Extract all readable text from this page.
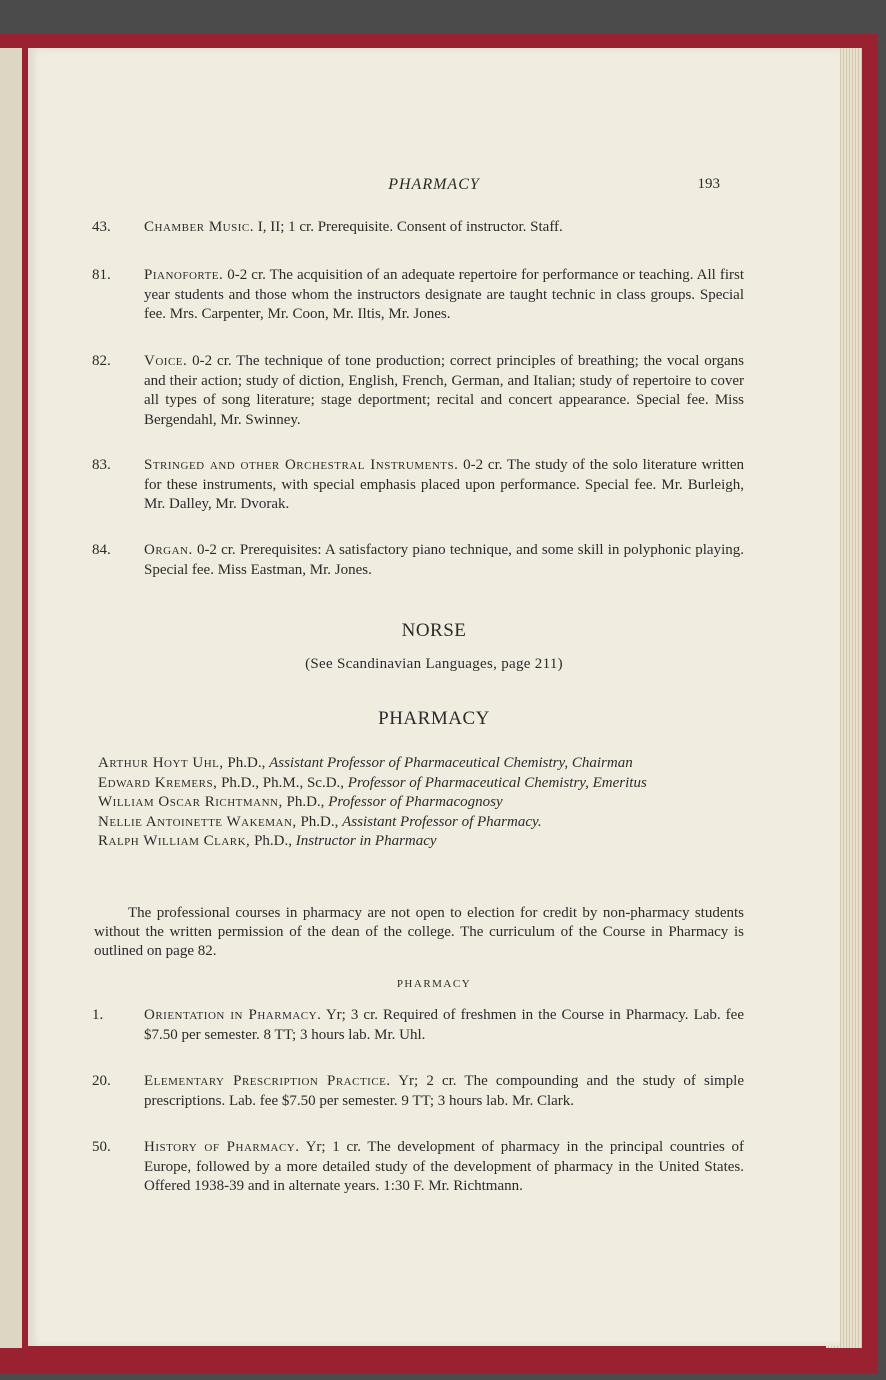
PHARMACY	193
43.	Chamber Music. I, II; 1 cr. Prerequisite. Consent of instructor. Staff.
81.	Pianoforte. 0-2 cr. The acquisition of an adequate repertoire for performance or teaching. All first year students and those whom the instructors designate are taught technic in class groups. Special fee. Mrs. Carpenter, Mr. Coon, Mr. Iltis, Mr. Jones.
82.	Voice. 0-2 cr. The technique of tone production; correct principles of breathing; the vocal organs and their action; study of diction, English, French, German, and Italian; study of repertoire to cover all types of song literature; stage deportment; recital and concert appearance. Special fee. Miss Bergendahl, Mr. Swinney.
83.	Stringed and other Orchestral Instruments. 0-2 cr. The study of the solo literature written for these instruments, with special emphasis placed upon performance. Special fee. Mr. Burleigh, Mr. Dalley, Mr. Dvorak.
84.	Organ. 0-2 cr. Prerequisites: A satisfactory piano technique, and some skill in polyphonic playing. Special fee. Miss Eastman, Mr. Jones.
NORSE
(See Scandinavian Languages, page 211)
PHARMACY
Arthur Hoyt Uhl, Ph.D., Assistant Professor of Pharmaceutical Chemistry, Chairman
Edward Kremers, Ph.D., Ph.M., Sc.D., Professor of Pharmaceutical Chemistry, Emeritus
William Oscar Richtmann, Ph.D., Professor of Pharmacognosy
Nellie Antoinette Wakeman, Ph.D., Assistant Professor of Pharmacy.
Ralph William Clark, Ph.D., Instructor in Pharmacy
The professional courses in pharmacy are not open to election for credit by non-pharmacy students without the written permission of the dean of the college. The curriculum of the Course in Pharmacy is outlined on page 82.
PHARMACY
1.	Orientation in Pharmacy. Yr; 3 cr. Required of freshmen in the Course in Pharmacy. Lab. fee $7.50 per semester. 8 TT; 3 hours lab. Mr. Uhl.
20.	Elementary Prescription Practice. Yr; 2 cr. The compounding and the study of simple prescriptions. Lab. fee $7.50 per semester. 9 TT; 3 hours lab. Mr. Clark.
50.	History of Pharmacy. Yr; 1 cr. The development of pharmacy in the principal countries of Europe, followed by a more detailed study of the development of pharmacy in the United States. Offered 1938-39 and in alternate years. 1:30 F. Mr. Richtmann.
